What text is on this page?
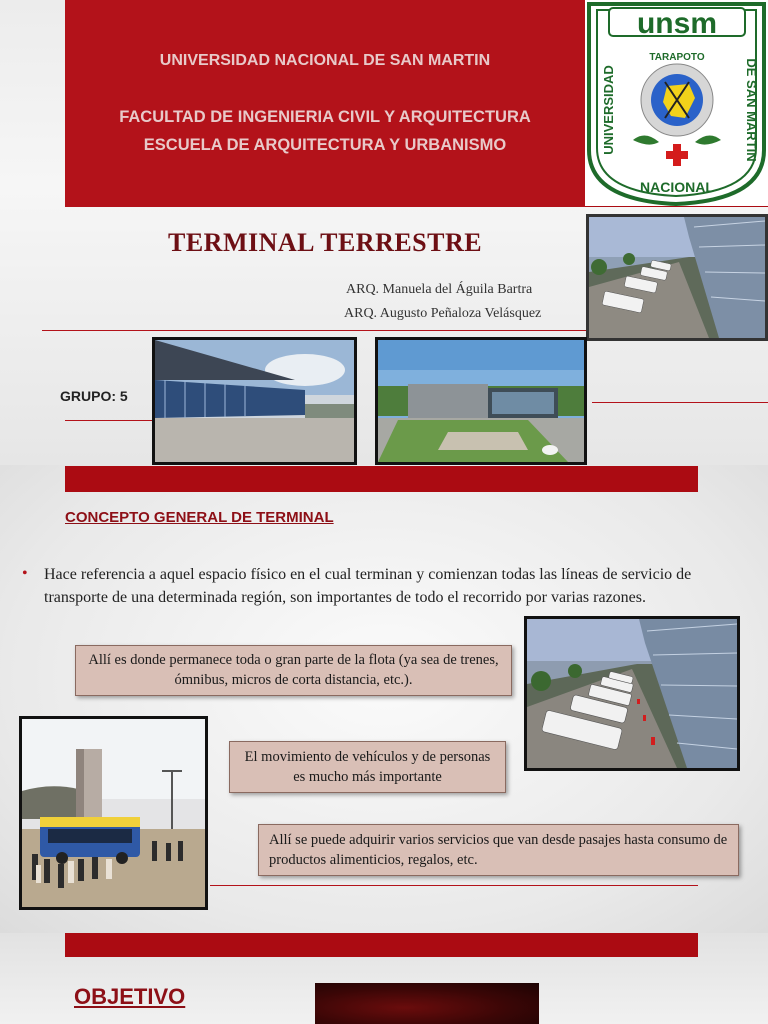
UNIVERSIDAD NACIONAL DE SAN MARTIN
FACULTAD DE INGENIERIA CIVIL Y ARQUITECTURA
ESCUELA DE ARQUITECTURA Y URBANISMO
unsm
UNIVERSIDAD	DE SAN MARTIN
NACIONAL
TARAPOTO
TERMINAL TERRESTRE
ARQ. Manuela del Águila Bartra
ARQ. Augusto Peñaloza Velásquez
GRUPO: 5
CONCEPTO GENERAL DE TERMINAL
• Hace referencia a aquel espacio físico en el cual terminan y comienzan todas las líneas de servicio de transporte de una determinada región, son importantes de todo el recorrido por varias razones.
Allí es donde permanece toda o gran parte de la flota (ya sea de trenes, ómnibus, micros de corta distancia, etc.).
El movimiento de vehículos y de personas es mucho más importante
Allí se puede adquirir varios servicios que van desde pasajes hasta consumo de productos alimenticios, regalos, etc.
OBJETIVO
